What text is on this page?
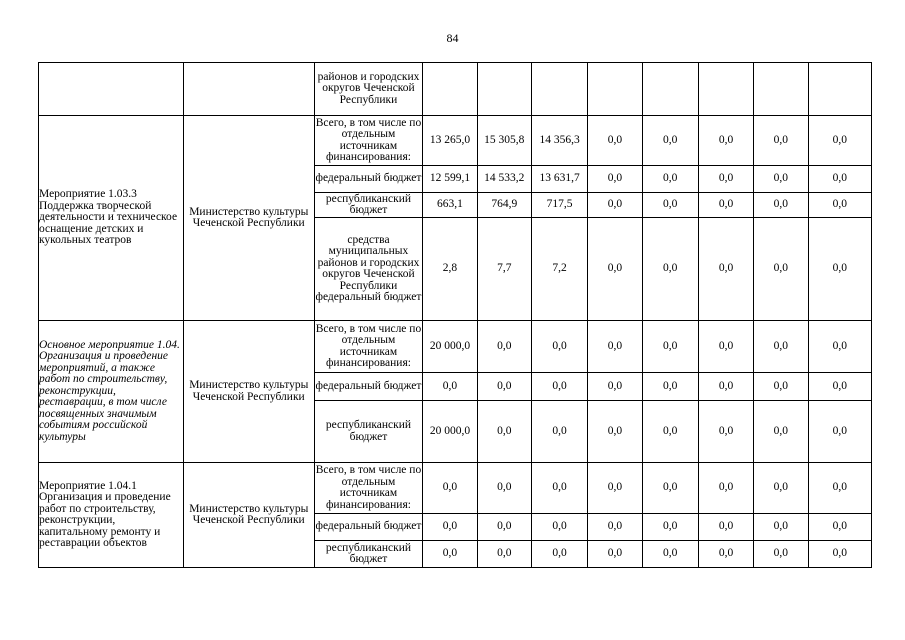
84
		районов и городских округов Чеченской Республики								
Мероприятие 1.03.3 Поддержка творческой деятельности и техническое оснащение детских и кукольных театров	Министерство культуры Чеченской Республики	Всего, в том числе по отдельным источникам финансирования:	13 265,0	15 305,8	14 356,3	0,0	0,0	0,0	0,0	0,0
		федеральный бюджет	12 599,1	14 533,2	13 631,7	0,0	0,0	0,0	0,0	0,0
		республиканский бюджет	663,1	764,9	717,5	0,0	0,0	0,0	0,0	0,0
		средства муниципальных районов и городских округов Чеченской Республики федеральный бюджет	2,8	7,7	7,2	0,0	0,0	0,0	0,0	0,0
Основное мероприятие 1.04. Организация и проведение мероприятий, а также работ по строительству, реконструкции, реставрации, в том числе посвященных значимым событиям российской культуры	Министерство культуры Чеченской Республики	Всего, в том числе по отдельным источникам финансирования:	20 000,0	0,0	0,0	0,0	0,0	0,0	0,0	0,0
		федеральный бюджет	0,0	0,0	0,0	0,0	0,0	0,0	0,0	0,0
		республиканский бюджет	20 000,0	0,0	0,0	0,0	0,0	0,0	0,0	0,0
Мероприятие 1.04.1 Организация и проведение работ по строительству, реконструкции, капитальному ремонту и реставрации объектов	Министерство культуры Чеченской Республики	Всего, в том числе по отдельным источникам финансирования:	0,0	0,0	0,0	0,0	0,0	0,0	0,0	0,0
		федеральный бюджет	0,0	0,0	0,0	0,0	0,0	0,0	0,0	0,0
		республиканский бюджет	0,0	0,0	0,0	0,0	0,0	0,0	0,0	0,0
